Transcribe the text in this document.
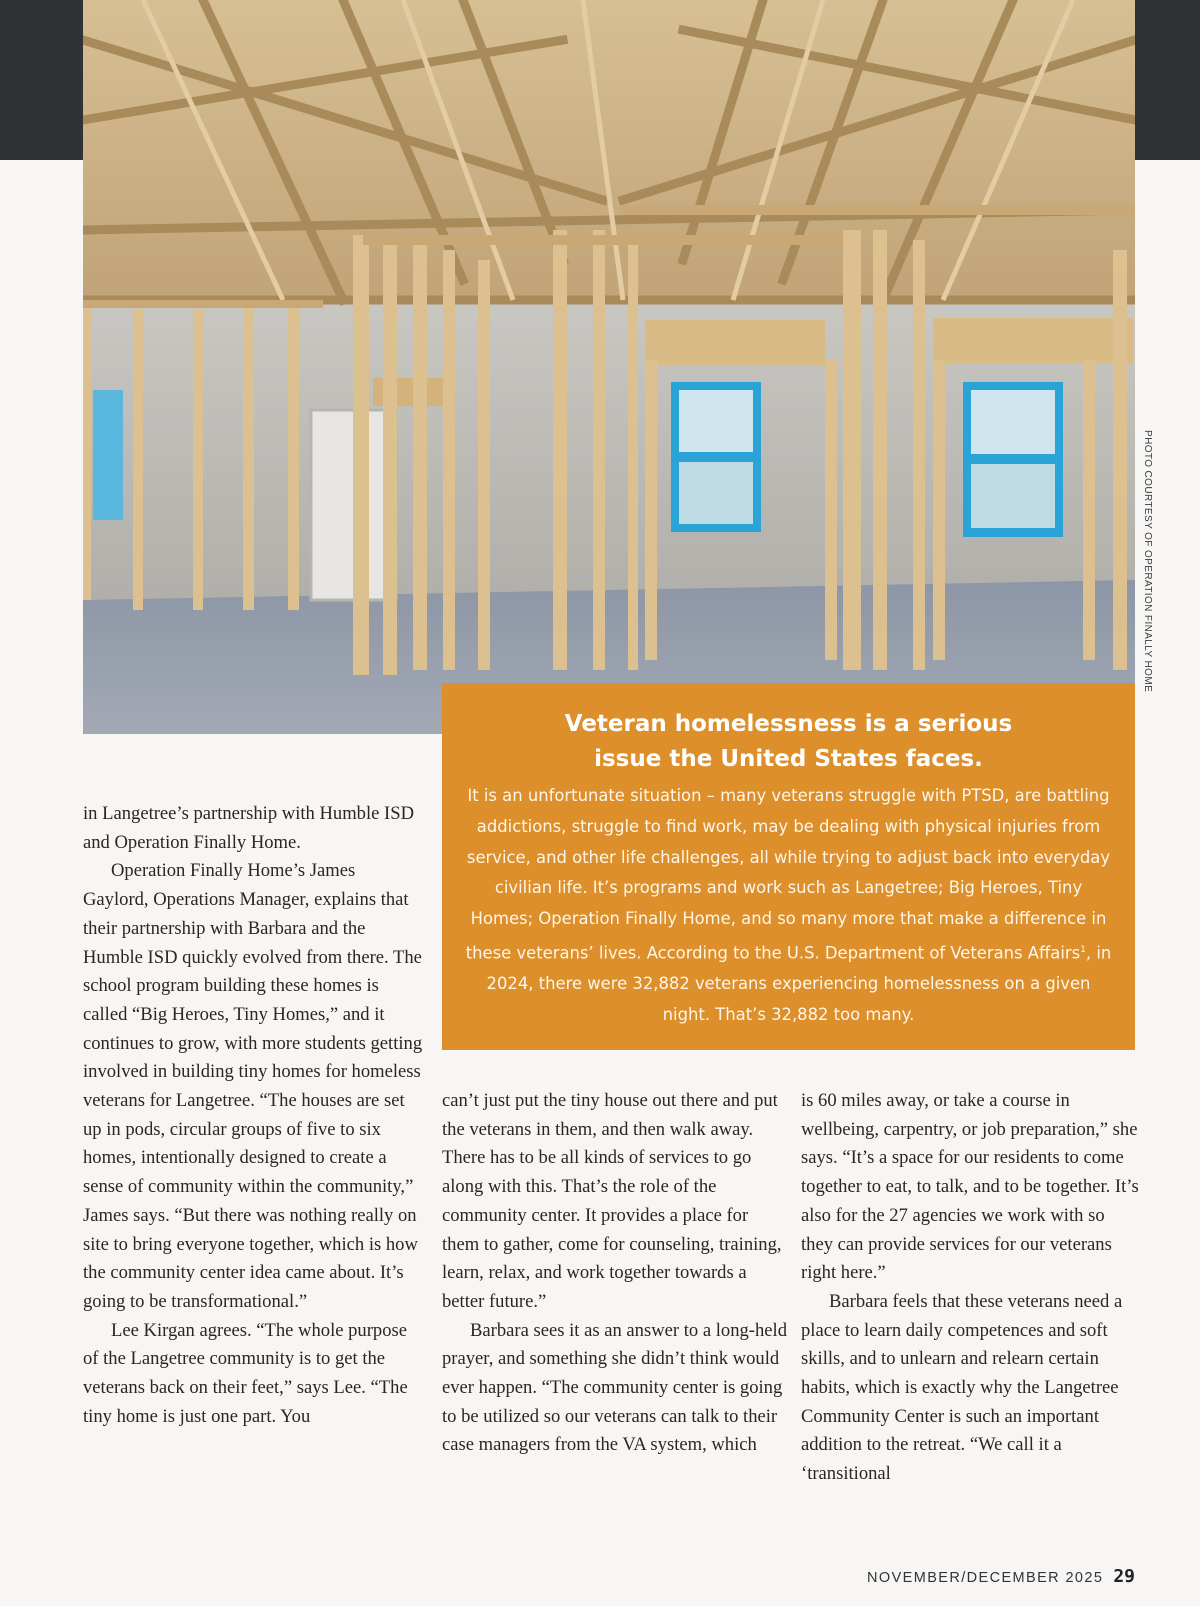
PHOTO COURTESY OF OPERATION FINALLY HOME
Veteran homelessness is a serious issue the United States faces.
It is an unfortunate situation – many veterans struggle with PTSD, are battling addictions, struggle to find work, may be dealing with physical injuries from service, and other life challenges, all while trying to adjust back into everyday civilian life. It’s programs and work such as Langetree; Big Heroes, Tiny Homes; Operation Finally Home, and so many more that make a difference in these veterans’ lives. According to the U.S. Department of Veterans Affairs$^1$, in 2024, there were 32,882 veterans experiencing homelessness on a given night. That’s 32,882 too many.

in Langetree’s partnership with Humble ISD and Operation Finally Home.

Operation Finally Home’s James Gaylord, Operations Manager, explains that their partnership with Barbara and the Humble ISD quickly evolved from there. The school program building these homes is called “Big Heroes, Tiny Homes,” and it continues to grow, with more students getting involved in building tiny homes for homeless veterans for Langetree. “The houses are set up in pods, circular groups of five to six homes, intentionally designed to create a sense of community within the community,” James says. “But there was nothing really on site to bring everyone together, which is how the community center idea came about. It’s going to be transformational.”

Lee Kirgan agrees. “The whole purpose of the Langetree community is to get the veterans back on their feet,” says Lee. “The tiny home is just one part. You

can’t just put the tiny house out there and put the veterans in them, and then walk away. There has to be all kinds of services to go along with this. That’s the role of the community center. It provides a place for them to gather, come for counseling, training, learn, relax, and work together towards a better future.”

Barbara sees it as an answer to a long-held prayer, and something she didn’t think would ever happen. “The community center is going to be utilized so our veterans can talk to their case managers from the VA system, which

is 60 miles away, or take a course in wellbeing, carpentry, or job preparation,” she says. “It’s a space for our residents to come together to eat, to talk, and to be together. It’s also for the 27 agencies we work with so they can provide services for our veterans right here.”

Barbara feels that these veterans need a place to learn daily competences and soft skills, and to unlearn and relearn certain habits, which is exactly why the Langetree Community Center is such an important addition to the retreat. “We call it a ‘transitional

NOVEMBER/DECEMBER 2025 29
